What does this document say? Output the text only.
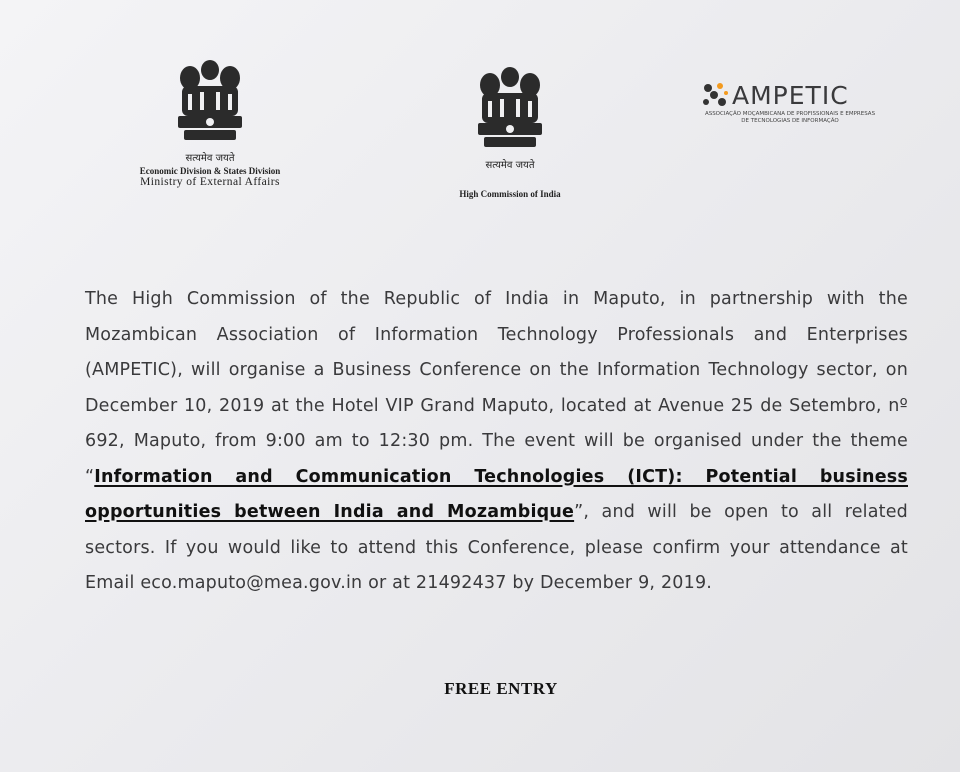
सत्यमेव जयते
Economic Division & States Division
Ministry of External Affairs
सत्यमेव जयते
High Commission of India
AMPETIC
ASSOCIAÇÃO MOÇAMBICANA DE PROFISSIONAIS E EMPRESAS
DE TECNOLOGIAS DE INFORMAÇÃO
The High Commission of the Republic of India in Maputo, in partnership with the Mozambican Association of Information Technology Professionals and Enterprises (AMPETIC), will organise a Business Conference on the Information Technology sector, on December 10, 2019 at the Hotel VIP Grand Maputo, located at Avenue 25 de Setembro, nº 692, Maputo, from 9:00 am to 12:30 pm. The event will be organised under the theme “Information and Communication Technologies (ICT): Potential business opportunities between India and Mozambique”, and will be open to all related sectors. If you would like to attend this Conference, please confirm your attendance at Email eco.maputo@mea.gov.in or at 21492437 by December 9, 2019.
FREE ENTRY
